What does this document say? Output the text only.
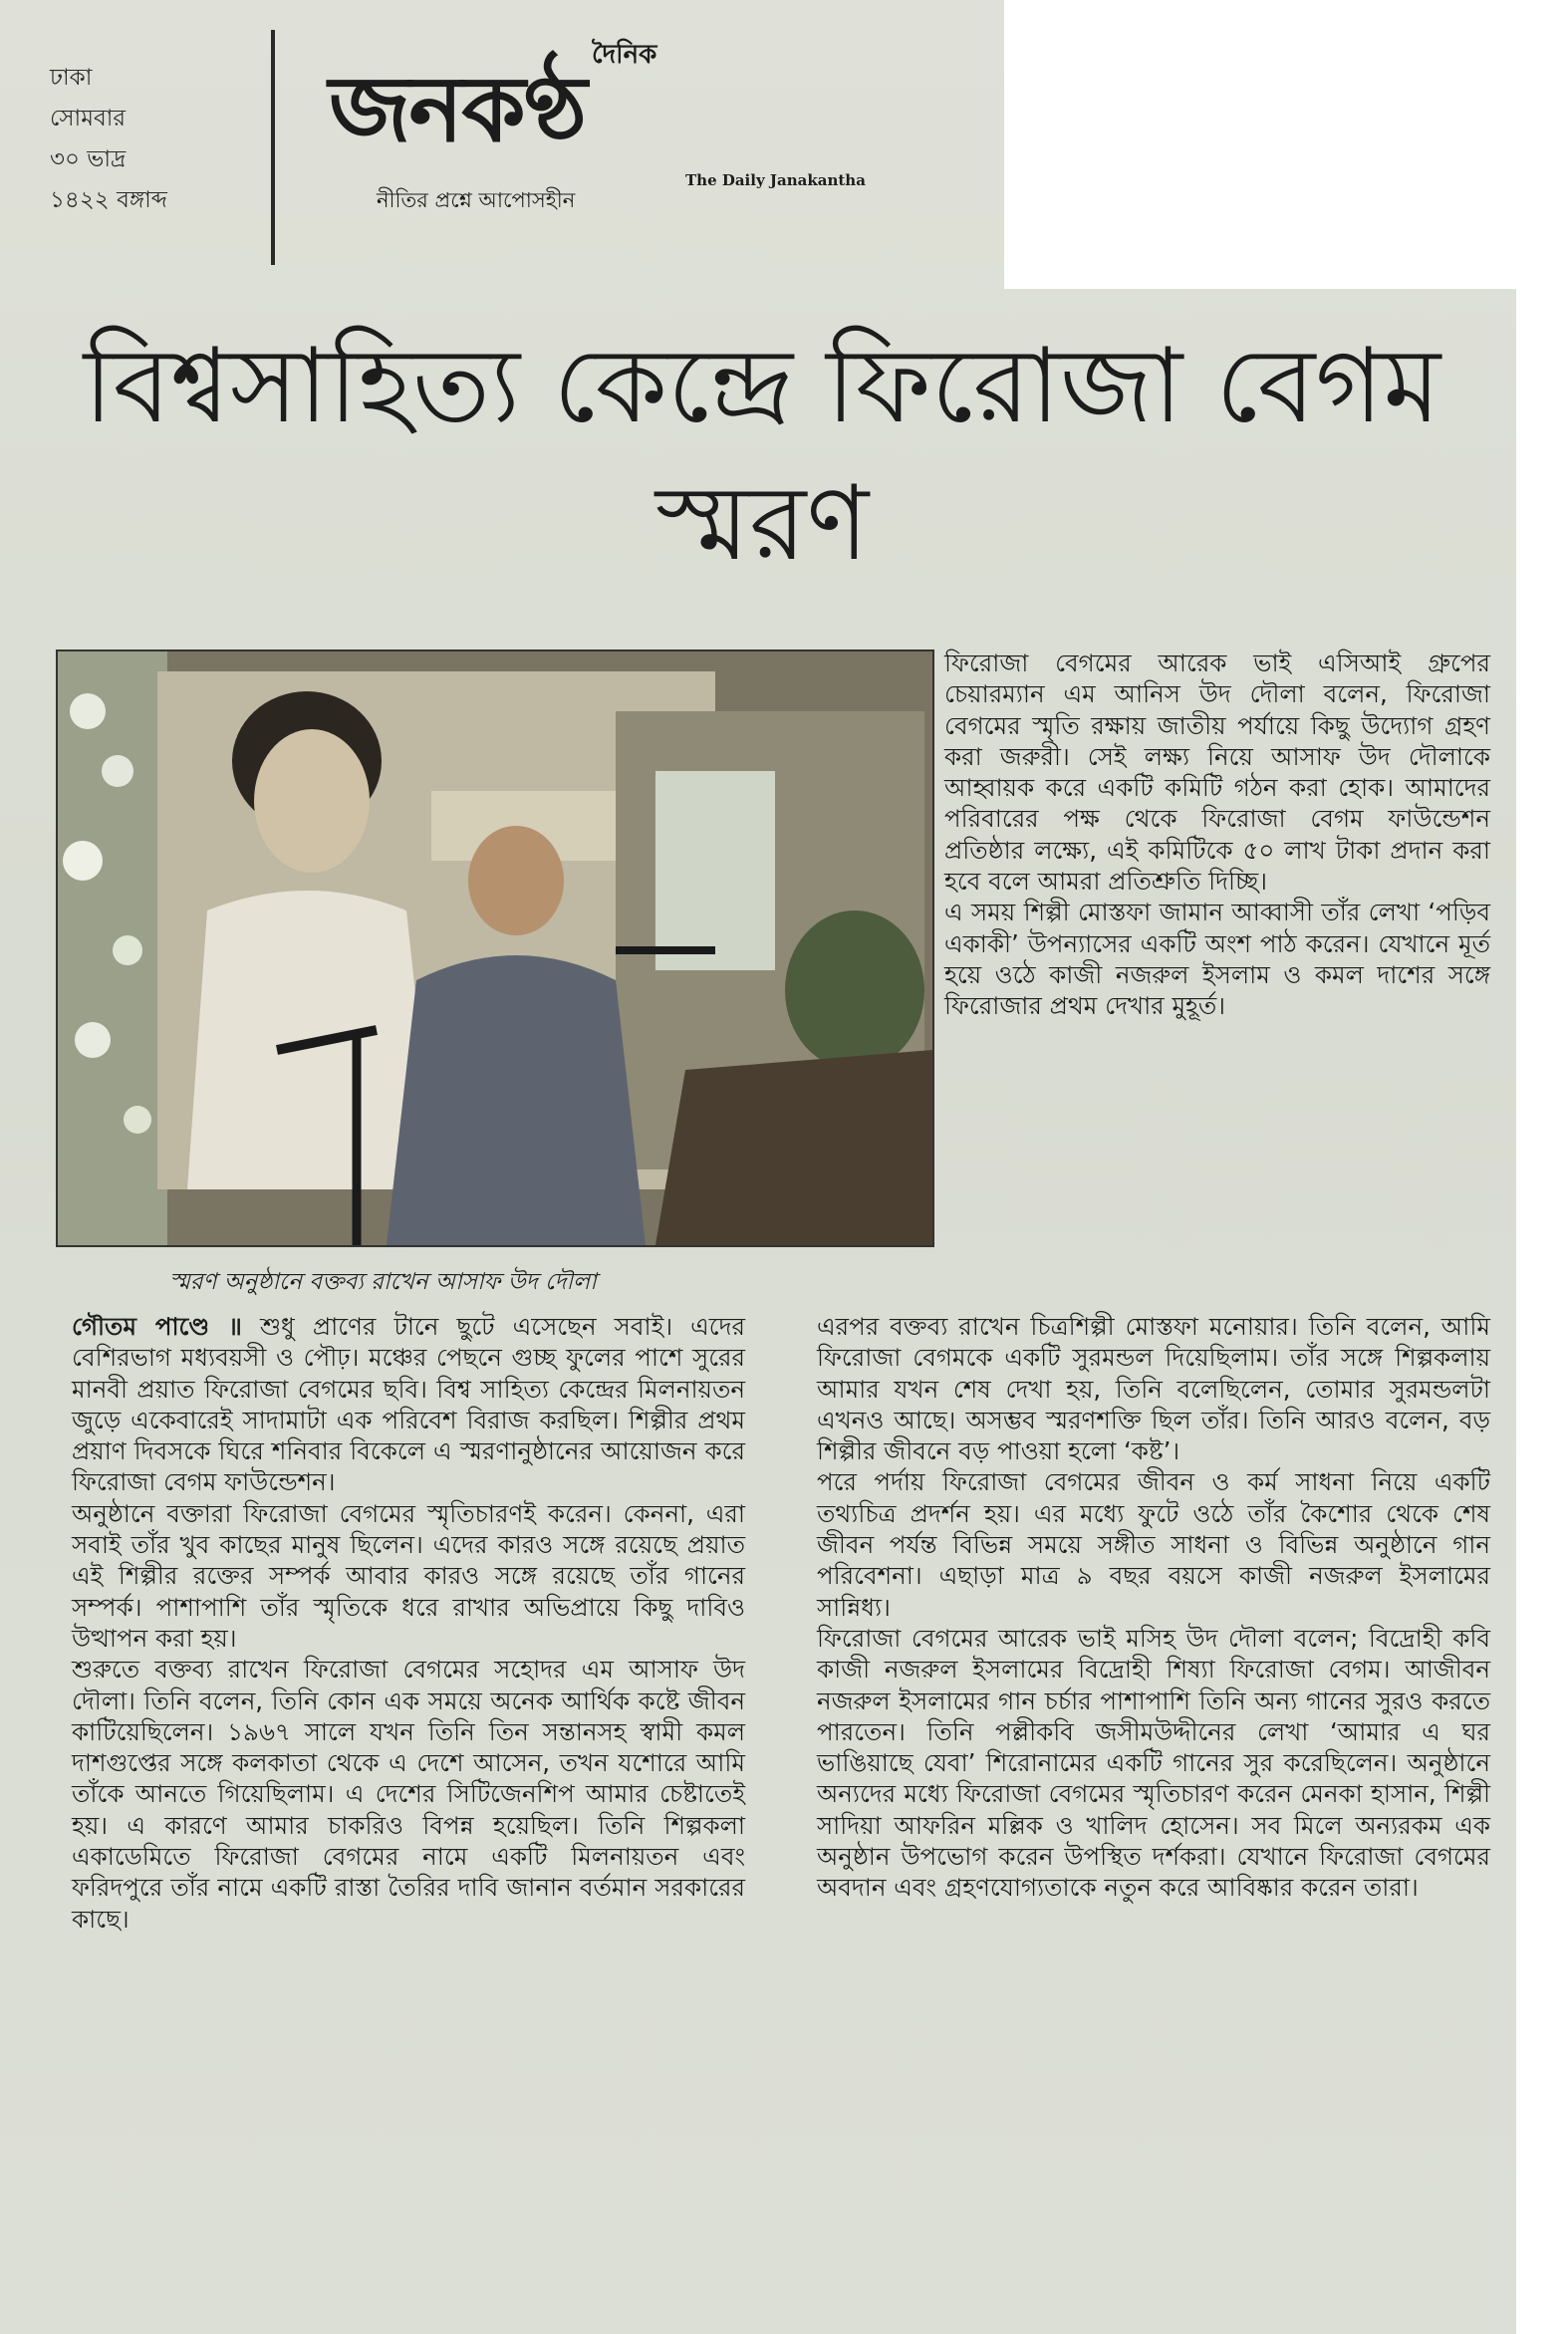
ঢাকা
সোমবার
৩০ ভাদ্র
১৪২২ বঙ্গাব্দ
দৈনিক
জনকণ্ঠ
The Daily Janakantha
নীতির প্রশ্নে আপোসহীন
বিশ্বসাহিত্য কেন্দ্রে ফিরোজা বেগম স্মরণ
স্মরণ অনুষ্ঠানে বক্তব্য রাখেন আসাফ উদ দৌলা

ফিরোজা বেগমের আরেক ভাই এসিআই গ্রুপের চেয়ারম্যান এম আনিস উদ দৌলা বলেন, ফিরোজা বেগমের স্মৃতি রক্ষায় জাতীয় পর্যায়ে কিছু উদ্যোগ গ্রহণ করা জরুরী। সেই লক্ষ্য নিয়ে আসাফ উদ দৌলাকে আহ্বায়ক করে একটি কমিটি গঠন করা হোক। আমাদের পরিবারের পক্ষ থেকে ফিরোজা বেগম ফাউন্ডেশন প্রতিষ্ঠার লক্ষ্যে, এই কমিটিকে ৫০ লাখ টাকা প্রদান করা হবে বলে আমরা প্রতিশ্রুতি দিচ্ছি।

এ সময় শিল্পী মোস্তফা জামান আব্বাসী তাঁর লেখা ‘পড়িব একাকী’ উপন্যাসের একটি অংশ পাঠ করেন। যেখানে মূর্ত হয়ে ওঠে কাজী নজরুল ইসলাম ও কমল দাশের সঙ্গে ফিরোজার প্রথম দেখার মুহূর্ত।

গৌতম পাণ্ডে ॥ শুধু প্রাণের টানে ছুটে এসেছেন সবাই। এদের বেশিরভাগ মধ্যবয়সী ও পৌঢ়। মঞ্চের পেছনে গুচ্ছ ফুলের পাশে সুরের মানবী প্রয়াত ফিরোজা বেগমের ছবি। বিশ্ব সাহিত্য কেন্দ্রের মিলনায়তন জুড়ে একেবারেই সাদামাটা এক পরিবেশ বিরাজ করছিল। শিল্পীর প্রথম প্রয়াণ দিবসকে ঘিরে শনিবার বিকেলে এ স্মরণানুষ্ঠানের আয়োজন করে ফিরোজা বেগম ফাউন্ডেশন।

অনুষ্ঠানে বক্তারা ফিরোজা বেগমের স্মৃতিচারণই করেন। কেননা, এরা সবাই তাঁর খুব কাছের মানুষ ছিলেন। এদের কারও সঙ্গে রয়েছে প্রয়াত এই শিল্পীর রক্তের সম্পর্ক আবার কারও সঙ্গে রয়েছে তাঁর গানের সম্পর্ক। পাশাপাশি তাঁর স্মৃতিকে ধরে রাখার অভিপ্রায়ে কিছু দাবিও উত্থাপন করা হয়।

শুরুতে বক্তব্য রাখেন ফিরোজা বেগমের সহোদর এম আসাফ উদ দৌলা। তিনি বলেন, তিনি কোন এক সময়ে অনেক আর্থিক কষ্টে জীবন কাটিয়েছিলেন। ১৯৬৭ সালে যখন তিনি তিন সন্তানসহ স্বামী কমল দাশগুপ্তের সঙ্গে কলকাতা থেকে এ দেশে আসেন, তখন যশোরে আমি তাঁকে আনতে গিয়েছিলাম। এ দেশের সিটিজেনশিপ আমার চেষ্টাতেই হয়। এ কারণে আমার চাকরিও বিপন্ন হয়েছিল। তিনি শিল্পকলা একাডেমিতে ফিরোজা বেগমের নামে একটি মিলনায়তন এবং ফরিদপুরে তাঁর নামে একটি রাস্তা তৈরির দাবি জানান বর্তমান সরকারের কাছে।

এরপর বক্তব্য রাখেন চিত্রশিল্পী মোস্তফা মনোয়ার। তিনি বলেন, আমি ফিরোজা বেগমকে একটি সুরমন্ডল দিয়েছিলাম। তাঁর সঙ্গে শিল্পকলায় আমার যখন শেষ দেখা হয়, তিনি বলেছিলেন, তোমার সুরমন্ডলটা এখনও আছে। অসম্ভব স্মরণশক্তি ছিল তাঁর। তিনি আরও বলেন, বড় শিল্পীর জীবনে বড় পাওয়া হলো ‘কষ্ট’।

পরে পর্দায় ফিরোজা বেগমের জীবন ও কর্ম সাধনা নিয়ে একটি তথ্যচিত্র প্রদর্শন হয়। এর মধ্যে ফুটে ওঠে তাঁর কৈশোর থেকে শেষ জীবন পর্যন্ত বিভিন্ন সময়ে সঙ্গীত সাধনা ও বিভিন্ন অনুষ্ঠানে গান পরিবেশনা। এছাড়া মাত্র ৯ বছর বয়সে কাজী নজরুল ইসলামের সান্নিধ্য।

ফিরোজা বেগমের আরেক ভাই মসিহ উদ দৌলা বলেন; বিদ্রোহী কবি কাজী নজরুল ইসলামের বিদ্রোহী শিষ্যা ফিরোজা বেগম। আজীবন নজরুল ইসলামের গান চর্চার পাশাপাশি তিনি অন্য গানের সুরও করতে পারতেন। তিনি পল্লীকবি জসীমউদ্দীনের লেখা ‘আমার এ ঘর ভাঙিয়াছে যেবা’ শিরোনামের একটি গানের সুর করেছিলেন। অনুষ্ঠানে অন্যদের মধ্যে ফিরোজা বেগমের স্মৃতিচারণ করেন মেনকা হাসান, শিল্পী সাদিয়া আফরিন মল্লিক ও খালিদ হোসেন। সব মিলে অন্যরকম এক অনুষ্ঠান উপভোগ করেন উপস্থিত দর্শকরা। যেখানে ফিরোজা বেগমের অবদান এবং গ্রহণযোগ্যতাকে নতুন করে আবিষ্কার করেন তারা।
